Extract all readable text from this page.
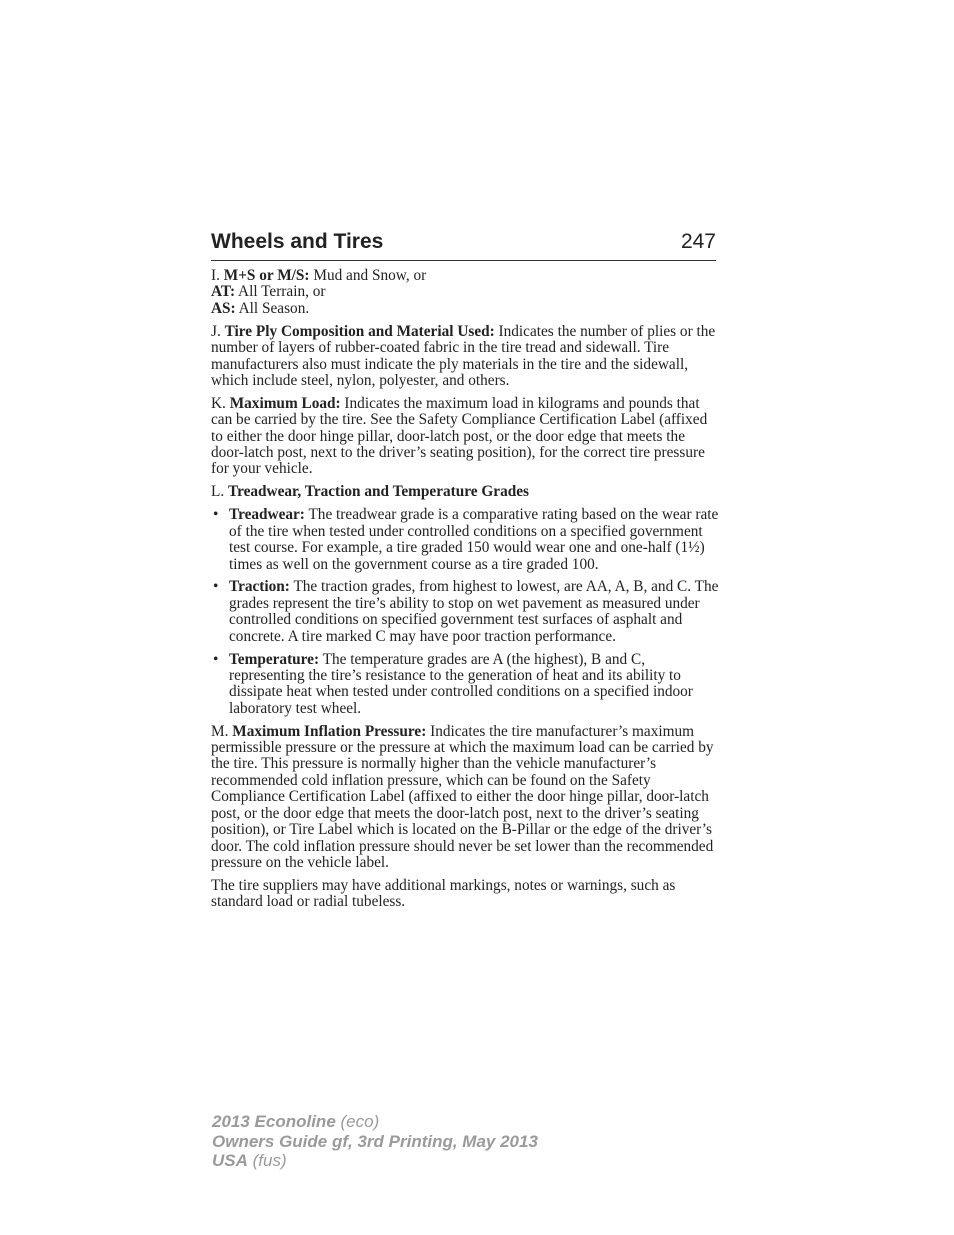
Wheels and Tires	247

I. M+S or M/S: Mud and Snow, or
AT: All Terrain, or
AS: All Season.

J. Tire Ply Composition and Material Used: Indicates the number of plies or the number of layers of rubber-coated fabric in the tire tread and sidewall. Tire manufacturers also must indicate the ply materials in the tire and the sidewall, which include steel, nylon, polyester, and others.

K. Maximum Load: Indicates the maximum load in kilograms and pounds that can be carried by the tire. See the Safety Compliance Certification Label (affixed to either the door hinge pillar, door-latch post, or the door edge that meets the door-latch post, next to the driver’s seating position), for the correct tire pressure for your vehicle.

L. Treadwear, Traction and Temperature Grades

• Treadwear: The treadwear grade is a comparative rating based on the wear rate of the tire when tested under controlled conditions on a specified government test course. For example, a tire graded 150 would wear one and one-half (1½) times as well on the government course as a tire graded 100.
• Traction: The traction grades, from highest to lowest, are AA, A, B, and C. The grades represent the tire’s ability to stop on wet pavement as measured under controlled conditions on specified government test surfaces of asphalt and concrete. A tire marked C may have poor traction performance.
• Temperature: The temperature grades are A (the highest), B and C, representing the tire’s resistance to the generation of heat and its ability to dissipate heat when tested under controlled conditions on a specified indoor laboratory test wheel.

M. Maximum Inflation Pressure: Indicates the tire manufacturer’s maximum permissible pressure or the pressure at which the maximum load can be carried by the tire. This pressure is normally higher than the vehicle manufacturer’s recommended cold inflation pressure, which can be found on the Safety Compliance Certification Label (affixed to either the door hinge pillar, door-latch post, or the door edge that meets the door-latch post, next to the driver’s seating position), or Tire Label which is located on the B-Pillar or the edge of the driver’s door. The cold inflation pressure should never be set lower than the recommended pressure on the vehicle label.

The tire suppliers may have additional markings, notes or warnings, such as standard load or radial tubeless.

2013 Econoline (eco)
Owners Guide gf, 3rd Printing, May 2013
USA (fus)
